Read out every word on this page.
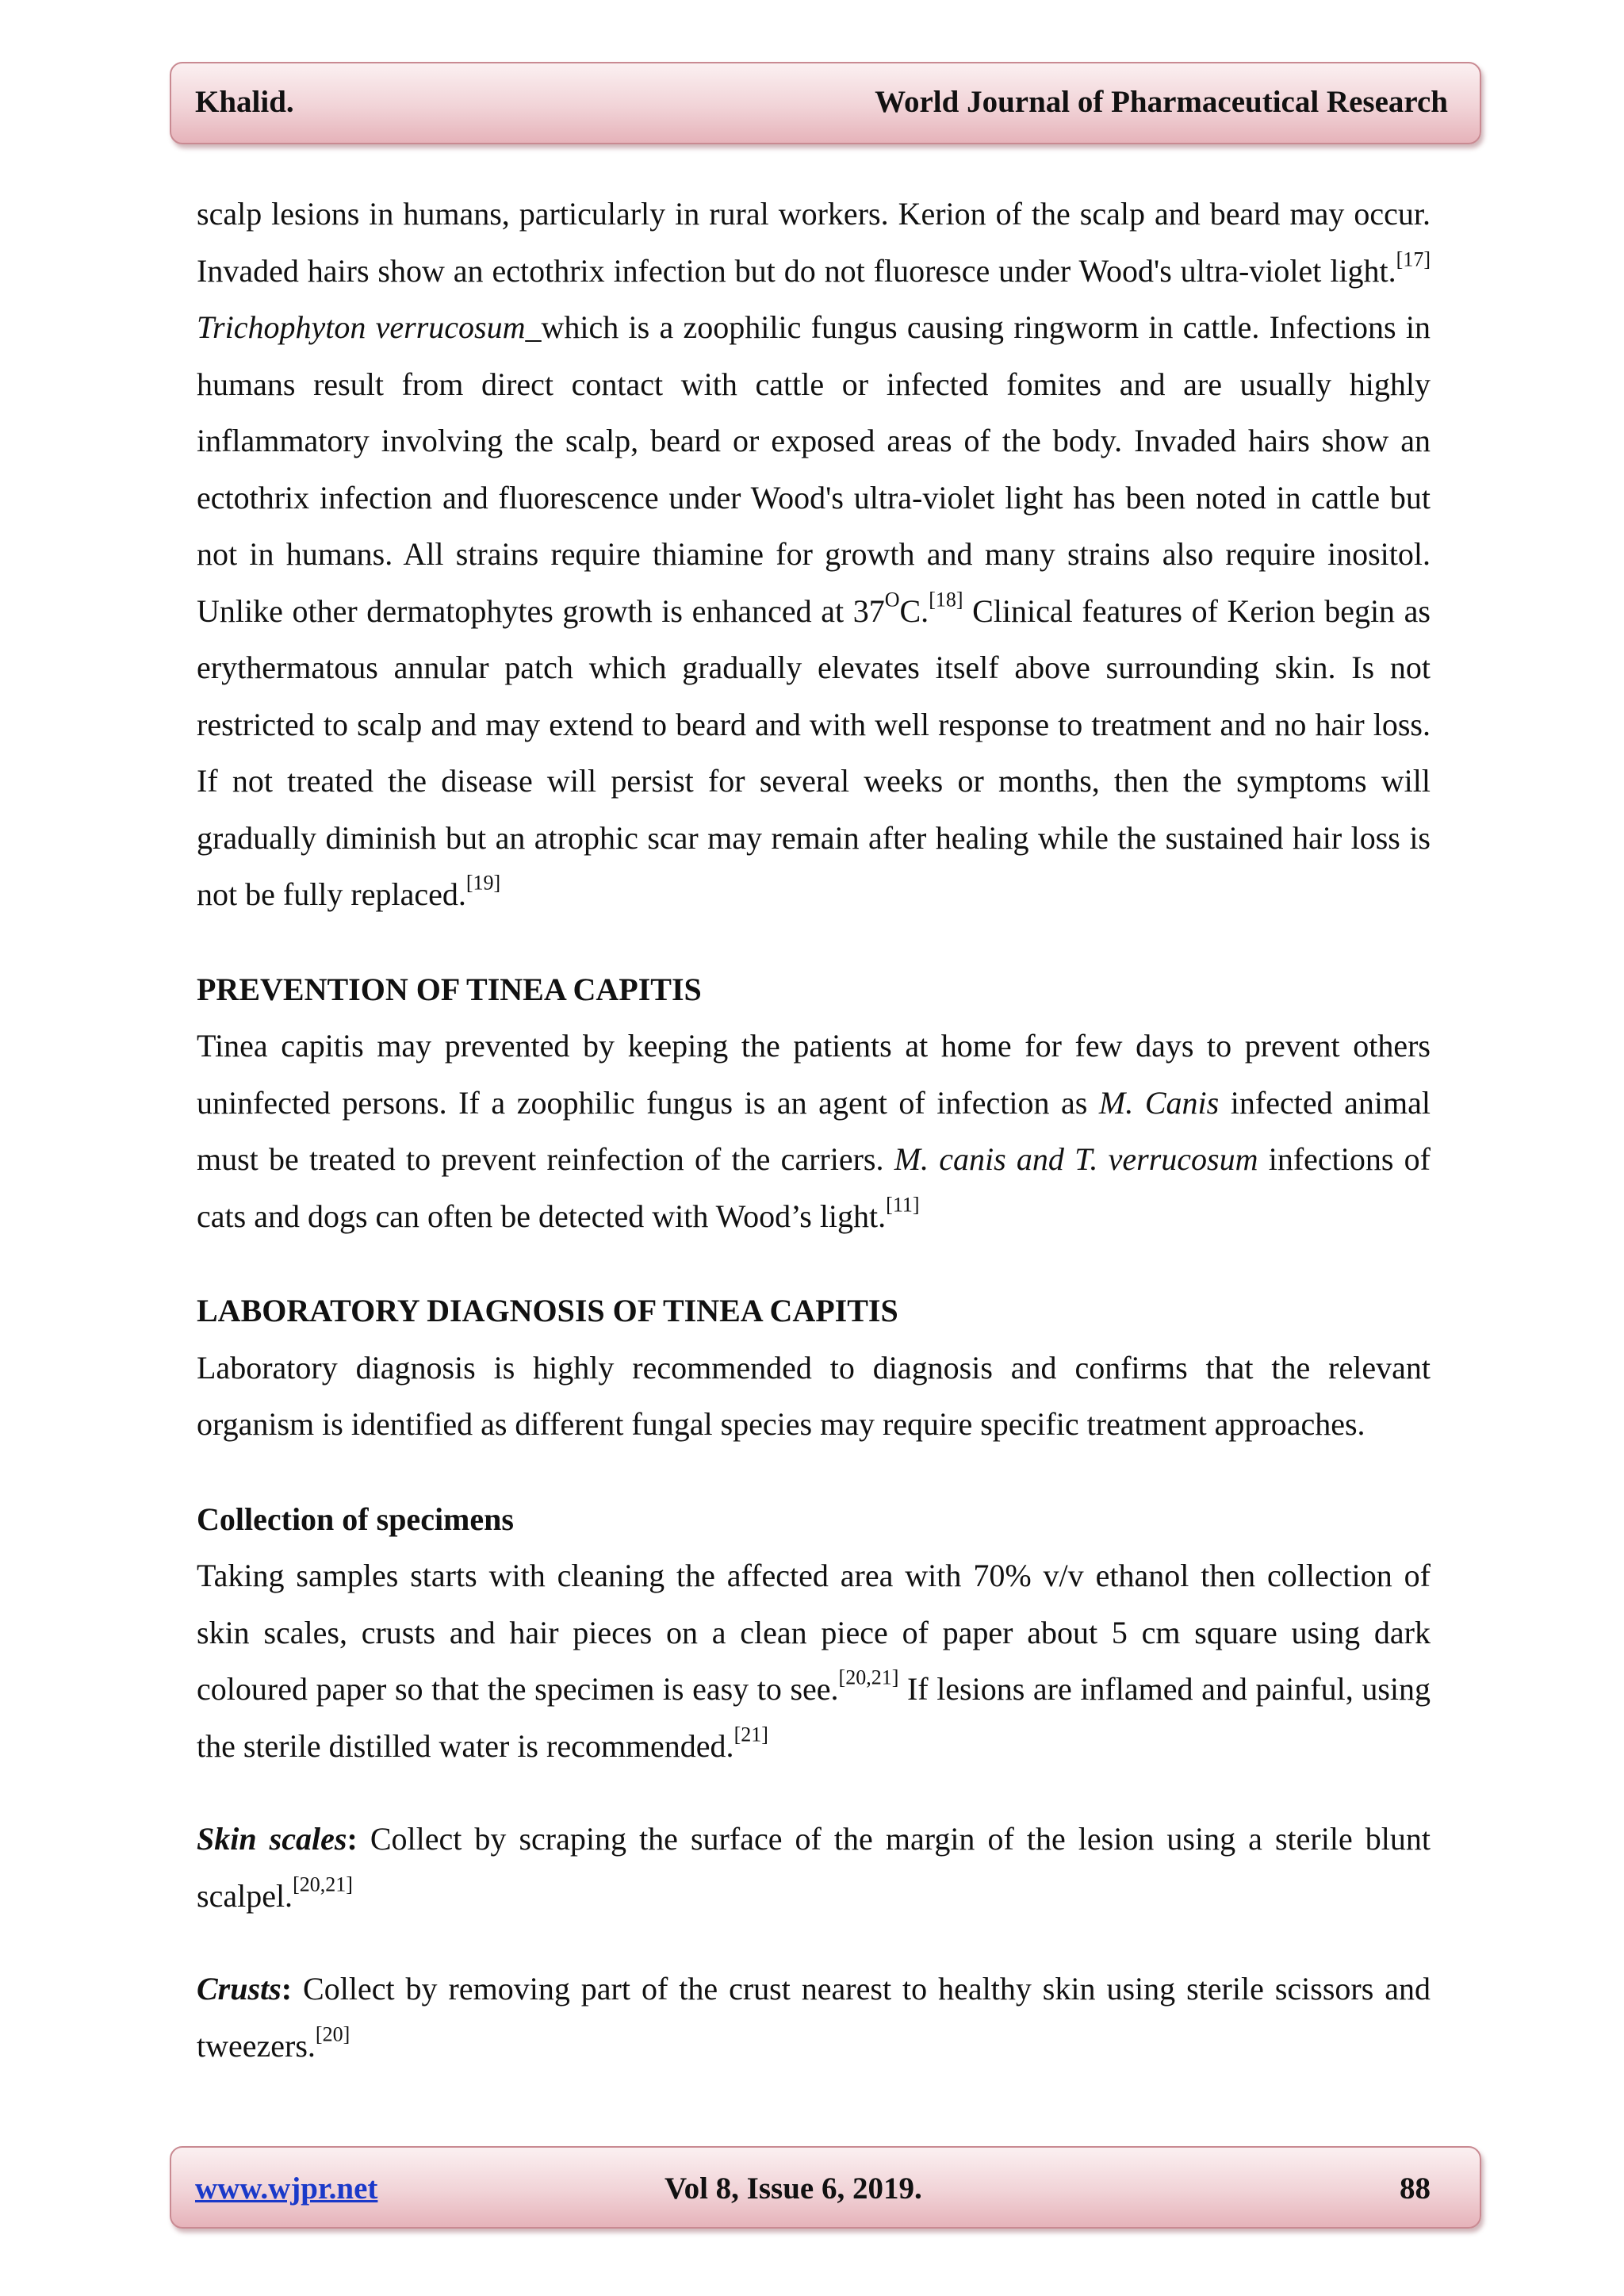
Khalid.	World Journal of Pharmaceutical Research

scalp lesions in humans, particularly in rural workers. Kerion of the scalp and beard may occur. Invaded hairs show an ectothrix infection but do not fluoresce under Wood's ultra-violet light.[17] Trichophyton verrucosum_which is a zoophilic fungus causing ringworm in cattle. Infections in humans result from direct contact with cattle or infected fomites and are usually highly inflammatory involving the scalp, beard or exposed areas of the body. Invaded hairs show an ectothrix infection and fluorescence under Wood's ultra-violet light has been noted in cattle but not in humans. All strains require thiamine for growth and many strains also require inositol. Unlike other dermatophytes growth is enhanced at $37^OC.[18]$ Clinical features of Kerion begin as erythermatous annular patch which gradually elevates itself above surrounding skin. Is not restricted to scalp and may extend to beard and with well response to treatment and no hair loss. If not treated the disease will persist for several weeks or months, then the symptoms will gradually diminish but an atrophic scar may remain after healing while the sustained hair loss is not be fully replaced.[19]

PREVENTION OF TINEA CAPITIS

Tinea capitis may prevented by keeping the patients at home for few days to prevent others uninfected persons. If a zoophilic fungus is an agent of infection as M. Canis infected animal must be treated to prevent reinfection of the carriers. M. canis and T. verrucosum infections of cats and dogs can often be detected with Wood’s light.[11]

LABORATORY DIAGNOSIS OF TINEA CAPITIS

Laboratory diagnosis is highly recommended to diagnosis and confirms that the relevant organism is identified as different fungal species may require specific treatment approaches.

Collection of specimens

Taking samples starts with cleaning the affected area with 70% v/v ethanol then collection of skin scales, crusts and hair pieces on a clean piece of paper about 5 cm square using dark coloured paper so that the specimen is easy to see.[20,21] If lesions are inflamed and painful, using the sterile distilled water is recommended.[21]

Skin scales: Collect by scraping the surface of the margin of the lesion using a sterile blunt scalpel.[20,21]

Crusts: Collect by removing part of the crust nearest to healthy skin using sterile scissors and tweezers.[20]

www.wjpr.net	Vol 8, Issue 6, 2019.	88
